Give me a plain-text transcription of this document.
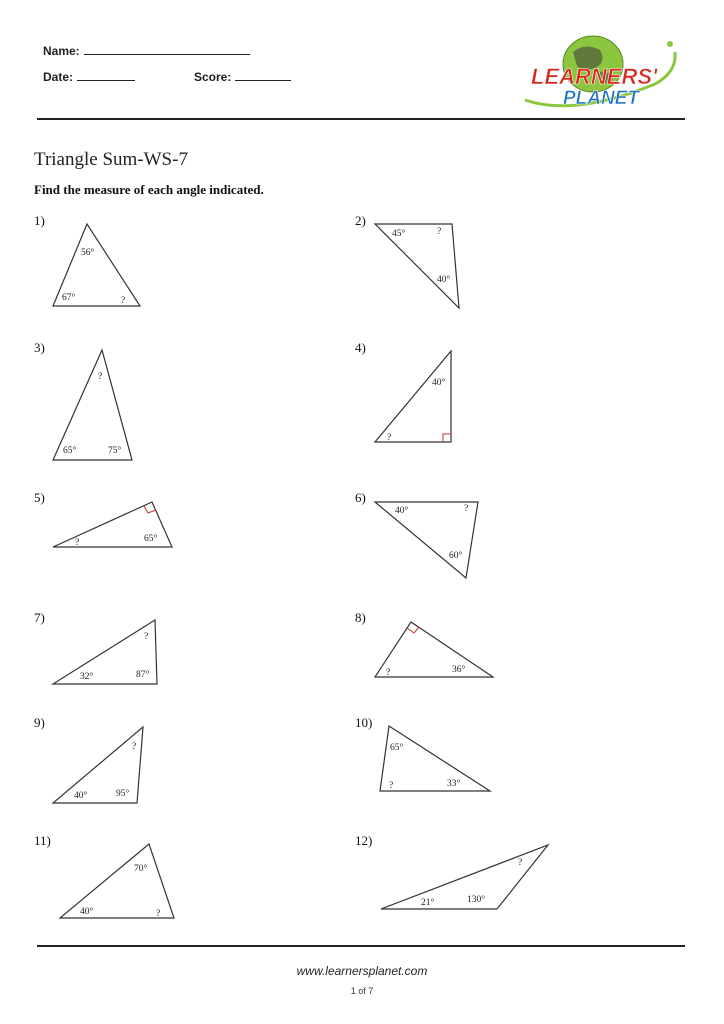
Name:
Date:	Score:	LEARNERS'
PLANET
Triangle Sum-WS-7
Find the measure of each angle indicated.
1)
56°
67°	?
2)
45°	?
40°
3)
?
65°	75°
4)
40°
?
5)
?	65°
6)
40°	?
60°
7)
?
32°	87°
8)
?	36°
9)
?
40°	95°
10)
65°
?	33°
11)
70°
40°	?
12)
?
21°	130°
www.learnersplanet.com
1 of 7
